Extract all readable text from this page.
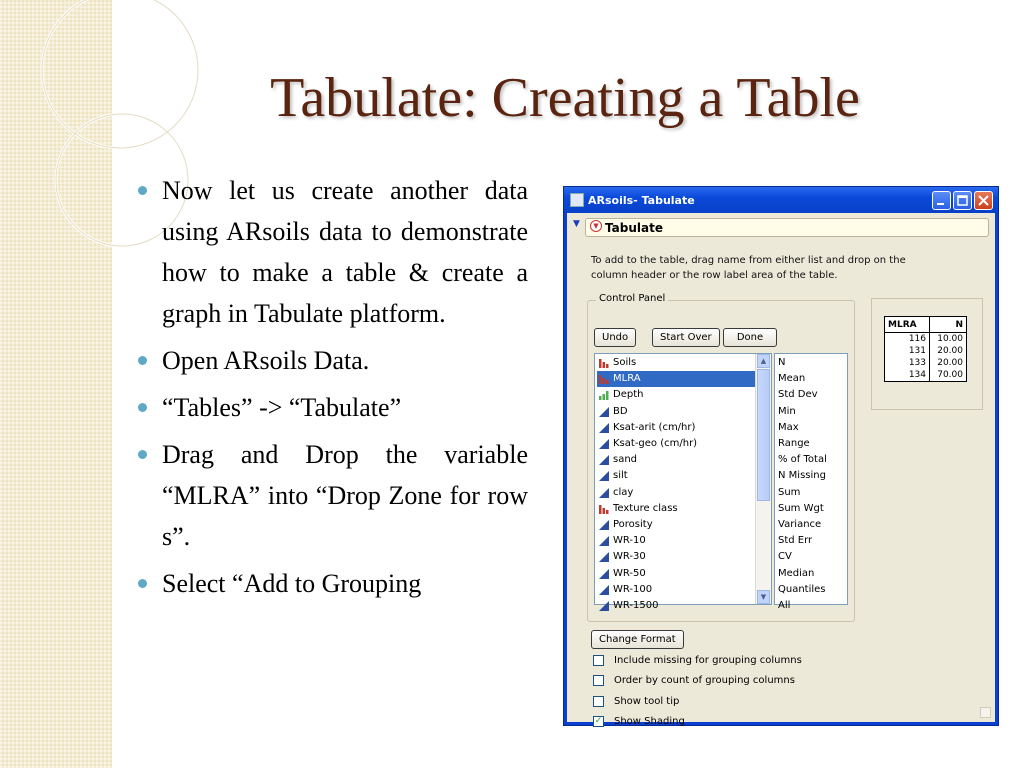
Tabulate: Creating a Table
Now let us create another data using ARsoils data to demonstrate how to make a table & create a graph in Tabulate platform.
Open ARsoils Data.
“Tables” -> “Tabulate”
Drag and Drop the variable “MLRA” into “Drop Zone for row s”.
Select “Add to Grouping
ARsoils- Tabulate
▼	▼ Tabulate
To add to the table, drag name from either list and drop on the column header or the row label area of the table.
Control Panel
Undo	Start Over	Done
Soils
MLRA
Depth
BD
Ksat-arit (cm/hr)
Ksat-geo (cm/hr)
sand
silt
clay
Texture class
Porosity
WR-10
WR-30
WR-50
WR-100
WR-1500
▲
▼
N
Mean
Std Dev
Min
Max
Range
% of Total
N Missing
Sum
Sum Wgt
Variance
Std Err
CV
Median
Quantiles
All
Change Format
Include missing for grouping columns
Order by count of grouping columns
Show tool tip
✓ Show Shading
MLRA	N
116	10.00
131	20.00
133	20.00
134	70.00
